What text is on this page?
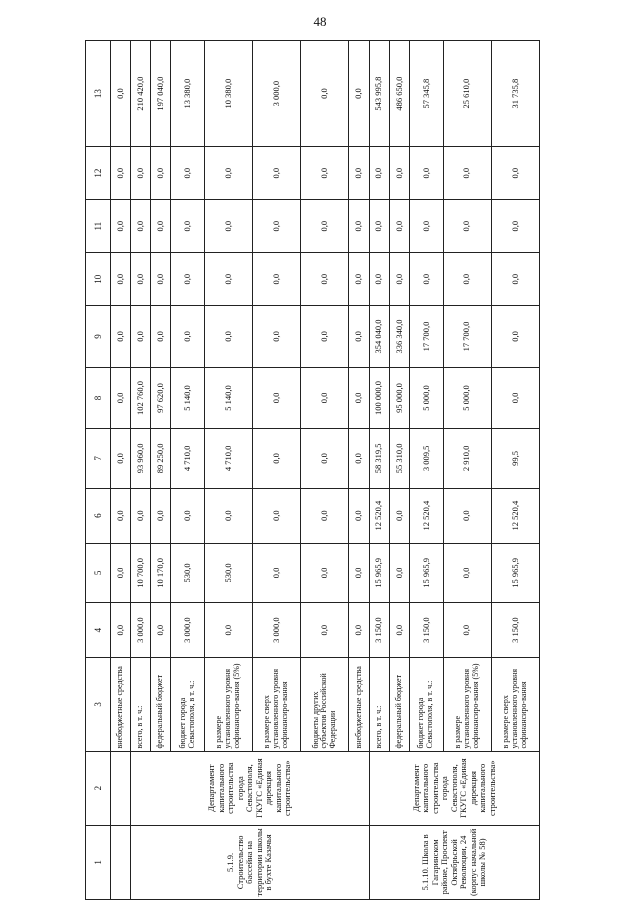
48
1	2	3	4	5	6	7	8	9	10	11	12	13
		внебюджетные средства	0,0	0,0	0,0	0,0	0,0	0,0	0,0	0,0	0,0	0,0
5.1.9. Строительство бассейна на территории школы в бухте Казачья	Департамент капитального строительства города Севастополя, ГКУГС «Единая дирекция капитального строительства»	всего, в т. ч.:	3 000,0	10 700,0	0,0	93 960,0	102 760,0	0,0	0,0	0,0	0,0	210 420,0
		федеральный бюджет	0,0	10 170,0	0,0	89 250,0	97 620,0	0,0	0,0	0,0	0,0	197 040,0
		бюджет города Севастополя, в т. ч.:	3 000,0	530,0	0,0	4 710,0	5 140,0	0,0	0,0	0,0	0,0	13 380,0
		в размере установленного уровня софинансиро-вания (5%)	0,0	530,0	0,0	4 710,0	5 140,0	0,0	0,0	0,0	0,0	10 380,0
		в размере сверх установленного уровня софинансиро-вания	3 000,0	0,0	0,0	0,0	0,0	0,0	0,0	0,0	0,0	3 000,0
		бюджеты других субъектов Российской Федерации	0,0	0,0	0,0	0,0	0,0	0,0	0,0	0,0	0,0	0,0
		внебюджетные средства	0,0	0,0	0,0	0,0	0,0	0,0	0,0	0,0	0,0	0,0
5.1.10. Школа в Гагаринском районе, Проспект Октябрьской Революции, 24 (корпус начальной школы № 58)	Департамент капитального строительства города Севастополя, ГКУГС «Единая дирекция капитального строительства»	всего, в т. ч.:	3 150,0	15 965,9	12 520,4	58 319,5	100 000,0	354 040,0	0,0	0,0	0,0	543 995,8
		федеральный бюджет	0,0	0,0	0,0	55 310,0	95 000,0	336 340,0	0,0	0,0	0,0	486 650,0
		бюджет города Севастополя, в т. ч.:	3 150,0	15 965,9	12 520,4	3 009,5	5 000,0	17 700,0	0,0	0,0	0,0	57 345,8
		в размере установленного уровня софинансиро-вания (5%)	0,0	0,0	0,0	2 910,0	5 000,0	17 700,0	0,0	0,0	0,0	25 610,0
		в размере сверх установленного уровня софинансиро-вания	3 150,0	15 965,9	12 520,4	99,5	0,0	0,0	0,0	0,0	0,0	31 735,8
